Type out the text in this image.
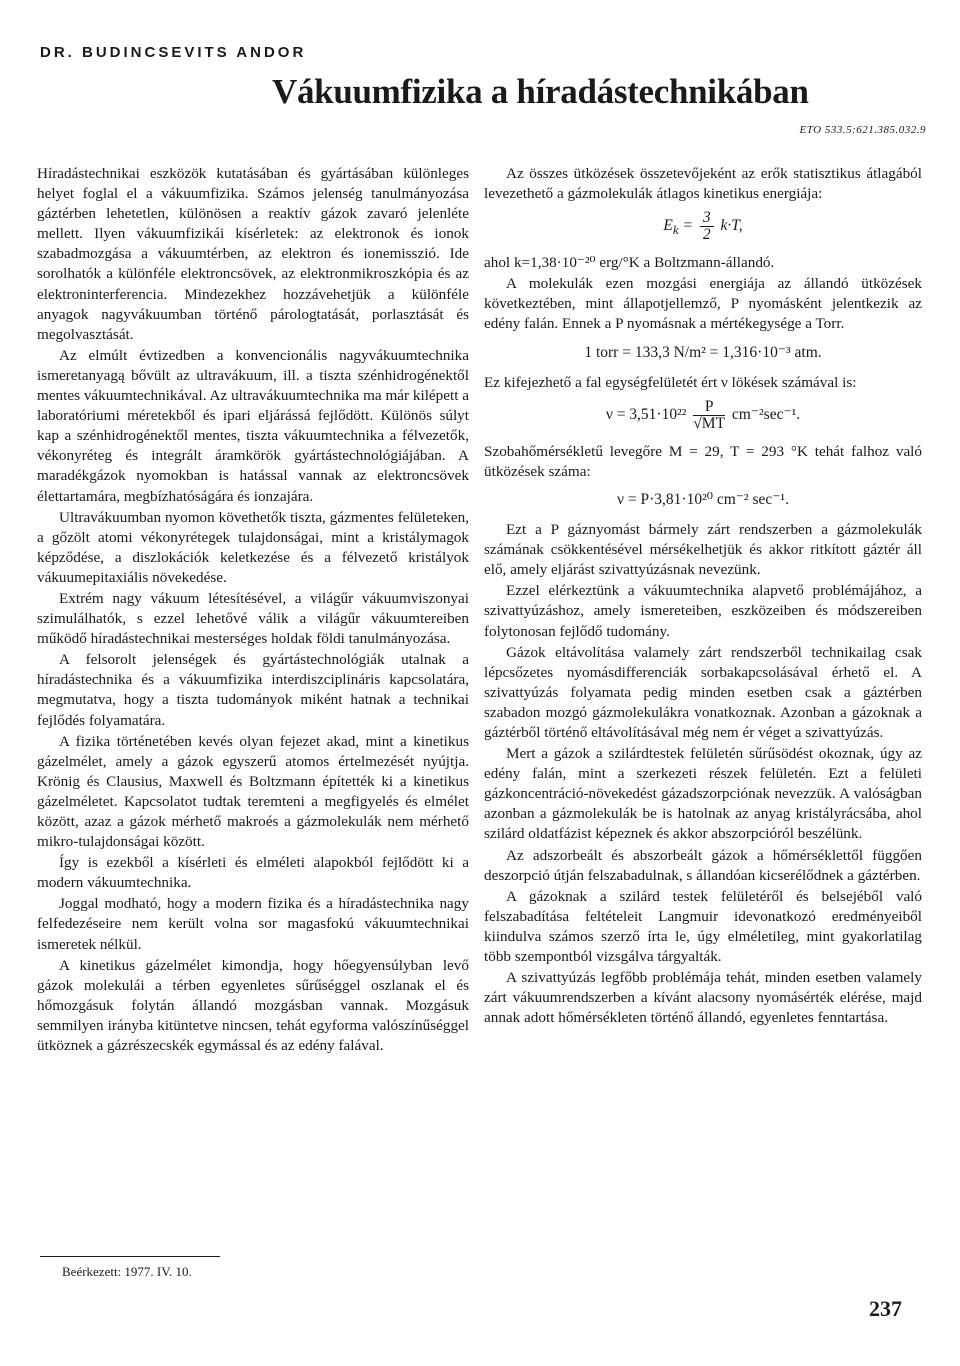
DR. BUDINCSEVITS ANDOR
Vákuumfizika a híradástechnikában
ETO 533.5:621.385.032.9

Híradástechnikai eszközök kutatásában és gyártásában különleges helyet foglal el a vákuumfizika. Számos jelenség tanulmányozása gáztérben lehetetlen, különösen a reaktív gázok zavaró jelenléte mellett. Ilyen vákuumfizikái kísérletek: az elektronok és ionok szabadmozgása a vákuumtérben, az elektron és ionemisszió. Ide sorolhatók a különféle elektroncsövek, az elektronmikroszkópia és az elektroninterferencia. Mindezekhez hozzávehetjük a különféle anyagok nagyvákuumban történő párologtatását, porlasztását és megolvasztását.

Az elmúlt évtizedben a konvencionális nagyvákuumtechnika ismeretanyagą bővült az ultravákuum, ill. a tiszta szénhidrogénektől mentes vákuumtechnikával. Az ultravákuumtechnika ma már kilépett a laboratóriumi méretekből és ipari eljárássá fejlődött. Különös súlyt kap a szénhidrogénektől mentes, tiszta vákuumtechnika a félvezetők, vékonyréteg és integrált áramkörök gyártástechnológiájában. A maradékgázok nyomokban is hatással vannak az elektroncsövek élettartamára, megbízhatóságára és ionzajára.

Ultravákuumban nyomon követhetők tiszta, gázmentes felületeken, a gőzölt atomi vékonyrétegek tulajdonságai, mint a kristálymagok képződése, a diszlokációk keletkezése és a félvezető kristályok vákuumepitaxiális növekedése.

Extrém nagy vákuum létesítésével, a világűr vákuumviszonyai szimulálhatók, s ezzel lehetővé válik a világűr vákuumtereiben működő híradástechnikai mesterséges holdak földi tanulmányozása.

A felsorolt jelenségek és gyártástechnológiák utalnak a híradástechnika és a vákuumfizika interdiszciplináris kapcsolatára, megmutatva, hogy a tiszta tudományok miként hatnak a technikai fejlődés folyamatára.

A fizika történetében kevés olyan fejezet akad, mint a kinetikus gázelmélet, amely a gázok egyszerű atomos értelmezését nyújtja. Krönig és Clausius, Maxwell és Boltzmann építették ki a kinetikus gázelméletet. Kapcsolatot tudtak teremteni a megfigyelés és elmélet között, azaz a gázok mérhető makroés a gázmolekulák nem mérhető mikro-tulajdonságai között.

Így is ezekből a kísérleti és elméleti alapokból fejlődött ki a modern vákuumtechnika.

Joggal modható, hogy a modern fizika és a híradástechnika nagy felfedezéseire nem került volna sor magasfokú vákuumtechnikai ismeretek nélkül.

A kinetikus gázelmélet kimondja, hogy hőegyensúlyban levő gázok molekulái a térben egyenletes sűrűséggel oszlanak el és hőmozgásuk folytán állandó mozgásban vannak. Mozgásuk semmilyen irányba kitüntetve nincsen, tehát egyforma valószínűséggel ütköznek a gázrészecskék egymással és az edény falával.

Az összes ütközések összetevőjeként az erők statisztikus átlagából levezethető a gázmolekulák átlagos kinetikus energiája:

$E_k = \frac{3}{2} k\cdot T$,

ahol k=1,38·10⁻²⁰ erg/°K a Boltzmann-állandó.

A molekulák ezen mozgási energiája az állandó ütközések következtében, mint állapotjellemző, P nyomásként jelentkezik az edény falán. Ennek a P nyomásnak a mértékegysége a Torr.

1 torr = 133,3 N/m² = 1,316·10⁻³ atm.

Ez kifejezhető a fal egységfelületét ért ν lökések számával is:

$\nu = 3,51\cdot 10^{22} \frac{P}{√MT} cm^{-2}\sec^{-1}$.

Szobahőmérsékletű levegőre M = 29, T = 293 °K tehát falhoz való ütközések száma:

ν = P·3,81·10²⁰ cm⁻² sec⁻¹.

Ezt a P gáznyomást bármely zárt rendszerben a gázmolekulák számának csökkentésével mérsékelhetjük és akkor ritkított gáztér áll elő, amely eljárást szivattyúzásnak nevezünk.

Ezzel elérkeztünk a vákuumtechnika alapvető problémájához, a szivattyúzáshoz, amely ismereteiben, eszközeiben és módszereiben folytonosan fejlődő tudomány.

Gázok eltávolítása valamely zárt rendszerből technikailag csak lépcsőzetes nyomásdifferenciák sorbakapcsolásával érhető el. A szivattyúzás folyamata pedig minden esetben csak a gáztérben szabadon mozgó gázmolekulákra vonatkoznak. Azonban a gázoknak a gáztérből történő eltávolításával még nem ér véget a szivattyúzás.

Mert a gázok a szilárdtestek felületén sűrűsödést okoznak, úgy az edény falán, mint a szerkezeti részek felületén. Ezt a felületi gázkoncentráció-növekedést gázadszorpciónak nevezzük. A valóságban azonban a gázmolekulák be is hatolnak az anyag kristályrácsába, ahol szilárd oldatfázist képeznek és akkor abszorpcióról beszélünk.

Az adszorbeált és abszorbeált gázok a hőmérséklettől függően deszorpció útján felszabadulnak, s állandóan kicserélődnek a gáztérben.

A gázoknak a szilárd testek felületéről és belsejéből való felszabadítása feltételeit Langmuir idevonatkozó eredményeiből kiindulva számos szerző írta le, úgy elméletileg, mint gyakorlatilag több szempontból vizsgálva tárgyalták.

A szivattyúzás legfőbb problémája tehát, minden esetben valamely zárt vákuumrendszerben a kívánt alacsony nyomásérték elérése, majd annak adott hőmérsékleten történő állandó, egyenletes fenntartása.

Beérkezett: 1977. IV. 10.
237
